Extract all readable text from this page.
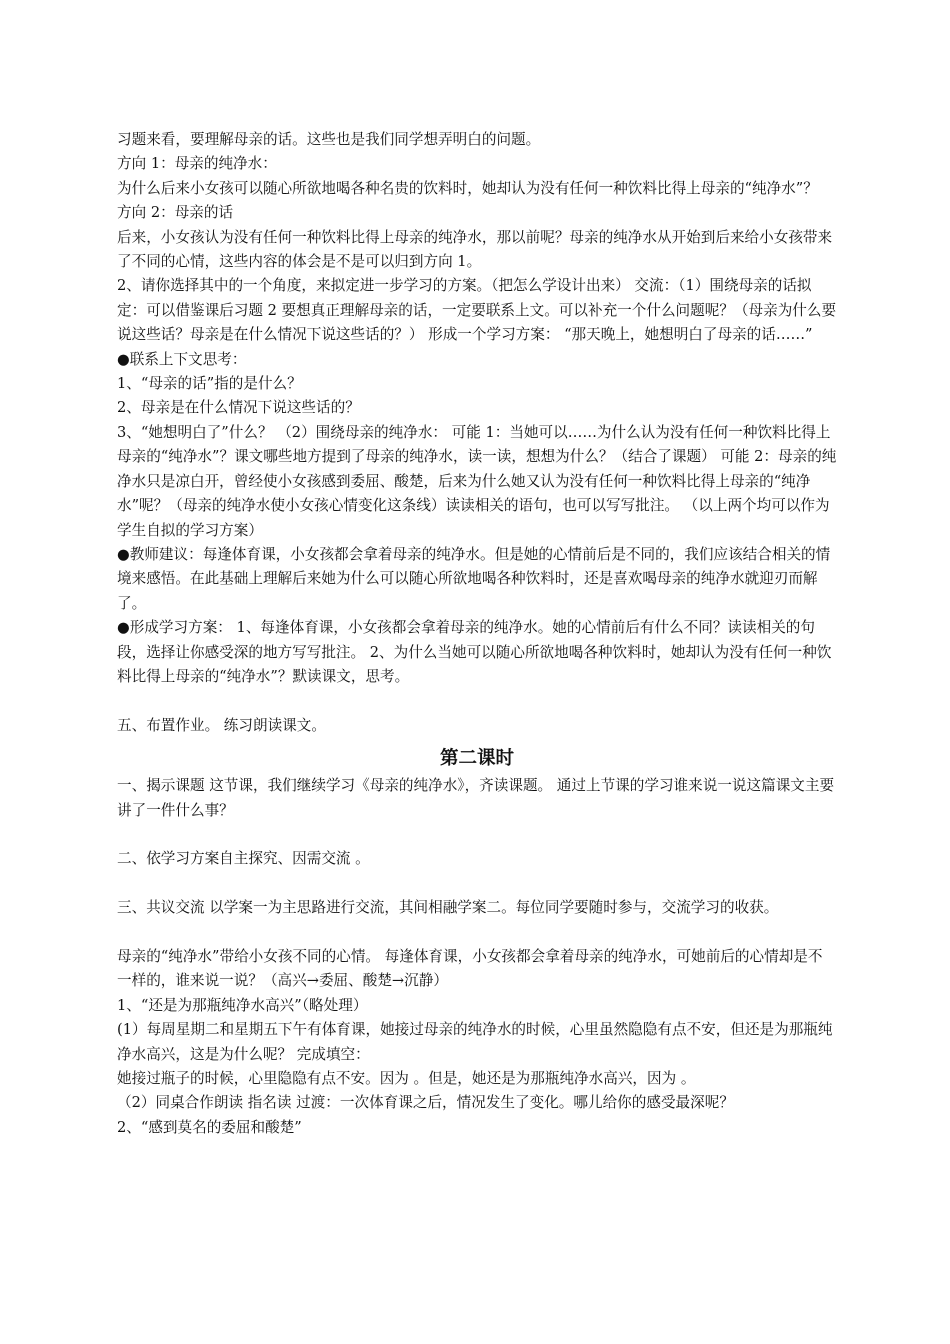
习题来看，要理解母亲的话。这些也是我们同学想弄明白的问题。

方向 1：母亲的纯净水：

为什么后来小女孩可以随心所欲地喝各种名贵的饮料时，她却认为没有任何一种饮料比得上母亲的“纯净水”？

方向 2：母亲的话

后来，小女孩认为没有任何一种饮料比得上母亲的纯净水，那以前呢？母亲的纯净水从开始到后来给小女孩带来了不同的心情，这些内容的体会是不是可以归到方向 1。

2、请你选择其中的一个角度，来拟定进一步学习的方案。（把怎么学设计出来） 交流：（1）围绕母亲的话拟定：可以借鉴课后习题 2 要想真正理解母亲的话，一定要联系上文。可以补充一个什么问题呢？（母亲为什么要说这些话？母亲是在什么情况下说这些话的？） 形成一个学习方案： “那天晚上，她想明白了母亲的话……”

●联系上下文思考：

1、“母亲的话”指的是什么？

2、母亲是在什么情况下说这些话的？

3、“她想明白了”什么？ （2）围绕母亲的纯净水： 可能 1：当她可以……为什么认为没有任何一种饮料比得上母亲的“纯净水”？课文哪些地方提到了母亲的纯净水，读一读，想想为什么？（结合了课题） 可能 2：母亲的纯净水只是凉白开，曾经使小女孩感到委屈、酸楚，后来为什么她又认为没有任何一种饮料比得上母亲的“纯净水”呢？（母亲的纯净水使小女孩心情变化这条线）读读相关的语句，也可以写写批注。 （以上两个均可以作为学生自拟的学习方案）

●教师建议：每逢体育课，小女孩都会拿着母亲的纯净水。但是她的心情前后是不同的，我们应该结合相关的情境来感悟。在此基础上理解后来她为什么可以随心所欲地喝各种饮料时，还是喜欢喝母亲的纯净水就迎刃而解了。

●形成学习方案： 1、每逢体育课，小女孩都会拿着母亲的纯净水。她的心情前后有什么不同？读读相关的句段，选择让你感受深的地方写写批注。 2、为什么当她可以随心所欲地喝各种饮料时，她却认为没有任何一种饮料比得上母亲的“纯净水”？默读课文，思考。

五、布置作业。 练习朗读课文。

第二课时

一、揭示课题 这节课，我们继续学习《母亲的纯净水》，齐读课题。 通过上节课的学习谁来说一说这篇课文主要讲了一件什么事？

二、依学习方案自主探究、因需交流 。

三、共议交流 以学案一为主思路进行交流，其间相融学案二。每位同学要随时参与，交流学习的收获。

母亲的“纯净水”带给小女孩不同的心情。 每逢体育课，小女孩都会拿着母亲的纯净水，可她前后的心情却是不一样的，谁来说一说？（高兴→委屈、酸楚→沉静）

1、“还是为那瓶纯净水高兴”（略处理）

(1）每周星期二和星期五下午有体育课，她接过母亲的纯净水的时候，心里虽然隐隐有点不安，但还是为那瓶纯净水高兴，这是为什么呢？ 完成填空：

她接过瓶子的时候，心里隐隐有点不安。因为 。但是，她还是为那瓶纯净水高兴，因为 。

（2）同桌合作朗读 指名读 过渡：一次体育课之后，情况发生了变化。哪儿给你的感受最深呢？

2、“感到莫名的委屈和酸楚”
